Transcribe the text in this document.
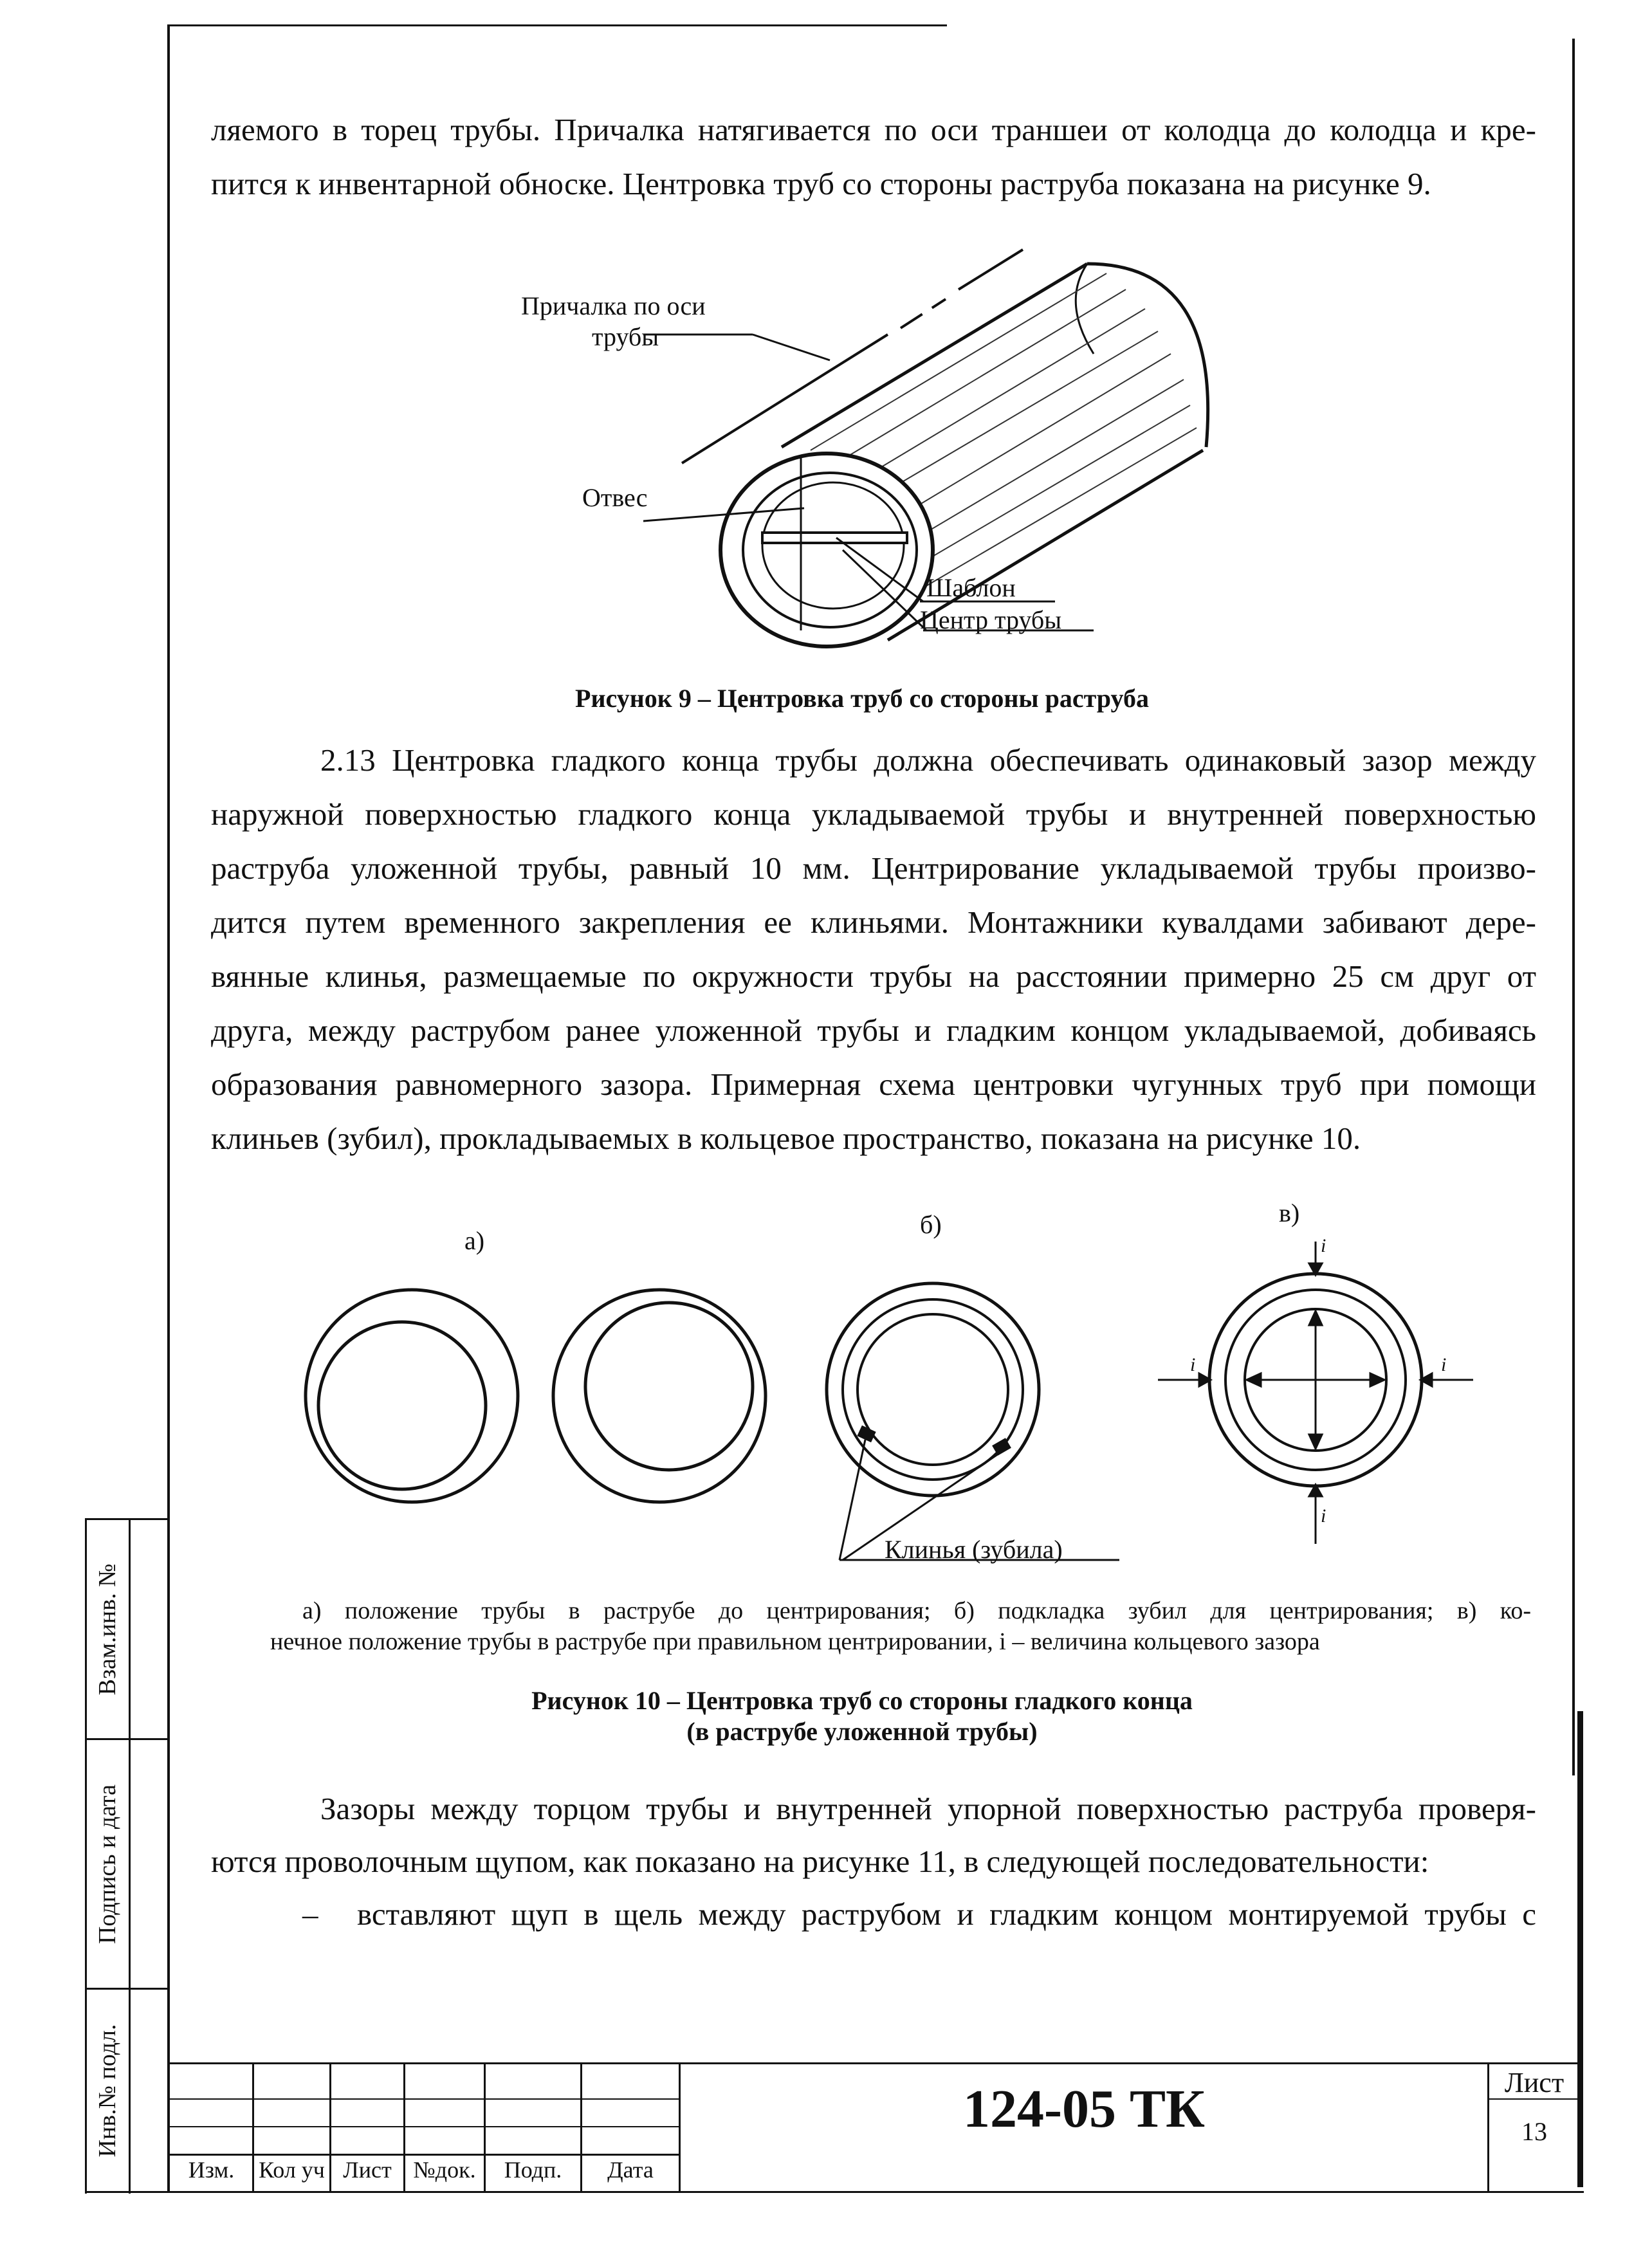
ляемого в торец трубы. Причалка натягивается по оси траншеи от колодца до колодца и кре-
пится к инвентарной обноске. Центровка труб со стороны раструба показана на рисунке 9.
Причалка по оси
трубы
Отвес
Шаблон
Центр трубы
Рисунок 9 – Центровка труб со стороны раструба
2.13 Центровка гладкого конца трубы должна обеспечивать одинаковый зазор между
наружной поверхностью гладкого конца укладываемой трубы и внутренней поверхностью
раструба уложенной трубы, равный 10 мм. Центрирование укладываемой трубы произво-
дится путем временного закрепления ее клиньями. Монтажники кувалдами забивают дере-
вянные клинья, размещаемые по окружности трубы на расстоянии примерно 25 см друг от
друга, между раструбом ранее уложенной трубы и гладким концом укладываемой, добиваясь
образования равномерного зазора. Примерная схема центровки чугунных труб при помощи
клиньев (зубил), прокладываемых в кольцевое пространство, показана на рисунке 10.
а)
б)	в)
i
i	i
i
Клинья (зубила)
а) положение трубы в раструбе до центрирования; б) подкладка зубил для центрирования; в) ко-
нечное положение трубы в раструбе при правильном центрировании, i – величина кольцевого зазора
Рисунок 10 – Центровка труб со стороны гладкого конца
(в раструбе уложенной трубы)
Зазоры между торцом трубы и внутренней упорной поверхностью раструба проверя-
ются проволочным щупом, как показано на рисунке 11, в следующей последовательности:
– вставляют щуп в щель между раструбом и гладким концом монтируемой трубы с
Взам.инв. №
Подпись и дата
Инв.№ подл.
Изм.	Кол уч Лист №док.	Подп.	Дата
124-05 ТК	Лист
13
